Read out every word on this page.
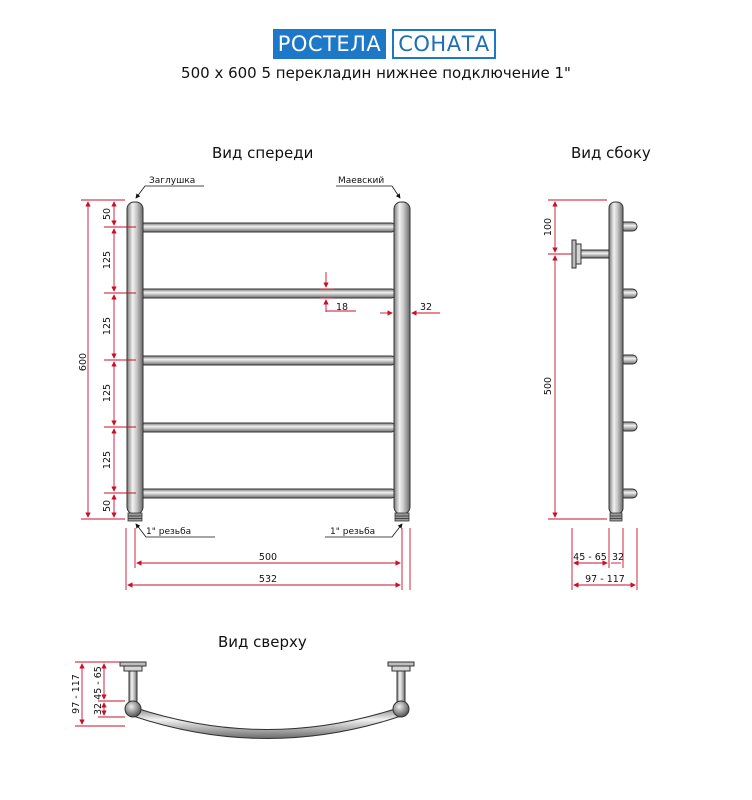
РОСТЕЛА СОНАТА
500 x 600 5 перекладин нижнее подключение 1"
Вид спереди	Вид сбоку
Вид сверху
Заглушка	Маевский
1" резьба	1" резьба
600
50
125
125
125
125
50
18	32
500
532
100
500
45 - 65 32
97 - 117
97 - 117 45 - 65
32
